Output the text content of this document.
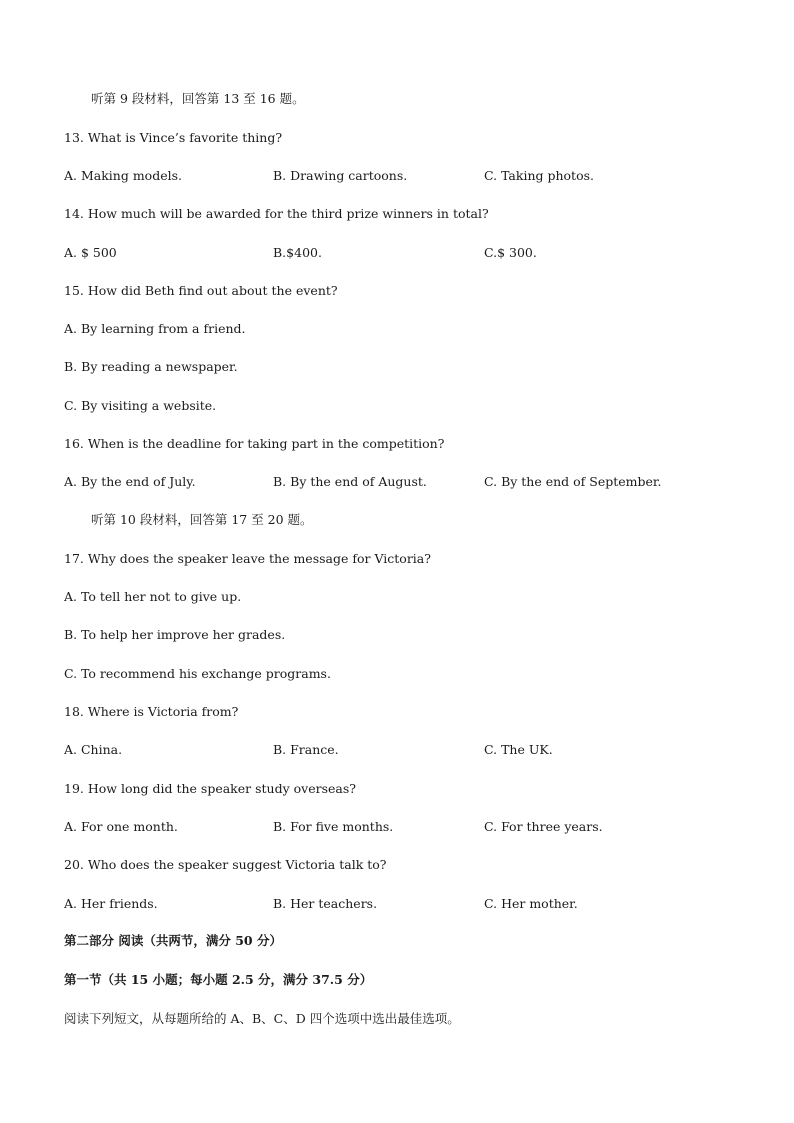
听第 9 段材料，回答第 13 至 16 题。
13. What is Vince’s favorite thing?
A. Making models.	B. Drawing cartoons.	C. Taking photos.
14. How much will be awarded for the third prize winners in total?
A. $ 500	B.$400.	C.$ 300.
15. How did Beth find out about the event?
A. By learning from a friend.
B. By reading a newspaper.
C. By visiting a website.
16. When is the deadline for taking part in the competition?
A. By the end of July.	B. By the end of August.	C. By the end of September.
听第 10 段材料，回答第 17 至 20 题。
17. Why does the speaker leave the message for Victoria?
A. To tell her not to give up.
B. To help her improve her grades.
C. To recommend his exchange programs.
18. Where is Victoria from?
A. China.	B. France.	C. The UK.
19. How long did the speaker study overseas?
A. For one month.	B. For five months.	C. For three years.
20. Who does the speaker suggest Victoria talk to?
A. Her friends.	B. Her teachers.	C. Her mother.
第二部分 阅读（共两节，满分 50 分）
第一节（共 15 小题；每小题 2.5 分，满分 37.5 分）
阅读下列短文，从每题所给的 A、B、C、D 四个选项中选出最佳选项。
